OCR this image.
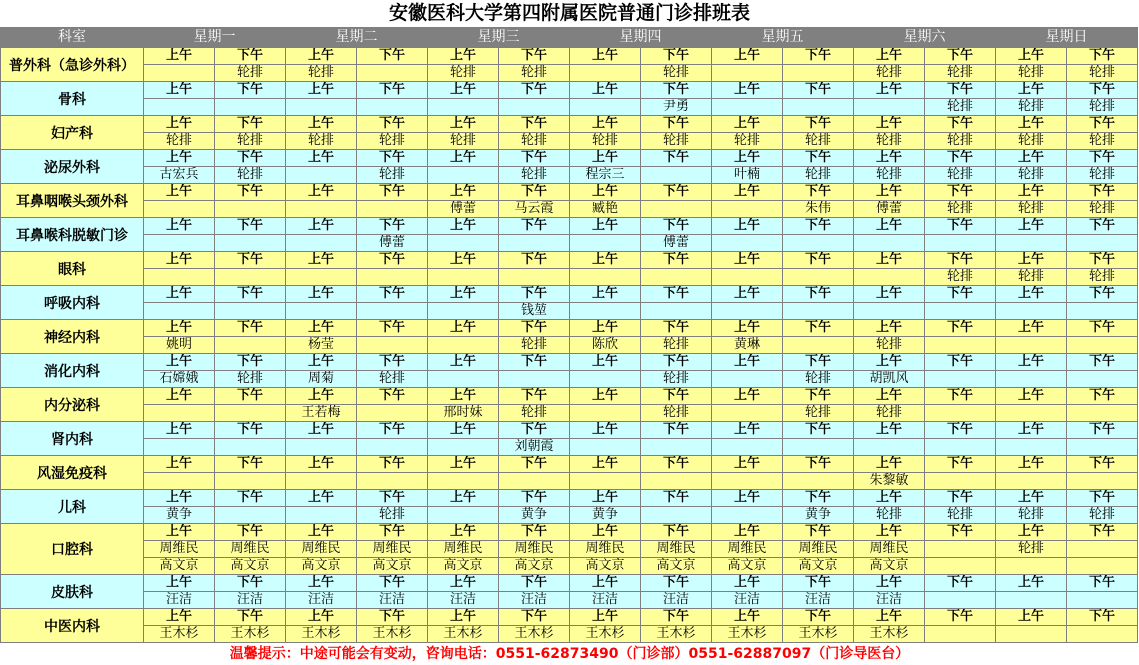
安徽医科大学第四附属医院普通门诊排班表
科室	星期一		星期二		星期三		星期四		星期五		星期六		星期日	
普外科（急诊外科）	上午	下午	上午	下午	上午	下午	上午	下午	上午	下午	上午	下午	上午	下午
		轮排	轮排		轮排	轮排		轮排			轮排	轮排	轮排	轮排
骨科	上午	下午	上午	下午	上午	下午	上午	下午	上午	下午	上午	下午	上午	下午
								尹勇				轮排	轮排	轮排
妇产科	上午	下午	上午	下午	上午	下午	上午	下午	上午	下午	上午	下午	上午	下午
	轮排	轮排	轮排	轮排	轮排	轮排	轮排	轮排	轮排	轮排	轮排	轮排	轮排	轮排
泌尿外科	上午	下午	上午	下午	上午	下午	上午	下午	上午	下午	上午	下午	上午	下午
	古宏兵	轮排		轮排		轮排	程宗三		叶楠	轮排	轮排	轮排	轮排	轮排
耳鼻咽喉头颈外科	上午	下午	上午	下午	上午	下午	上午	下午	上午	下午	上午	下午	上午	下午
					傅蕾	马云霞	臧艳			朱伟	傅蕾	轮排	轮排	轮排
耳鼻喉科脱敏门诊	上午	下午	上午	下午	上午	下午	上午	下午	上午	下午	上午	下午	上午	下午
				傅蕾				傅蕾						
眼科	上午	下午	上午	下午	上午	下午	上午	下午	上午	下午	上午	下午	上午	下午
												轮排	轮排	轮排
呼吸内科	上午	下午	上午	下午	上午	下午	上午	下午	上午	下午	上午	下午	上午	下午
						钱堃								
神经内科	上午	下午	上午	下午	上午	下午	上午	下午	上午	下午	上午	下午	上午	下午
	姚明		杨莹			轮排	陈欣	轮排	黄琳		轮排			
消化内科	上午	下午	上午	下午	上午	下午	上午	下午	上午	下午	上午	下午	上午	下午
	石嫦娥	轮排	周菊	轮排				轮排		轮排	胡凯风			
内分泌科	上午	下午	上午	下午	上午	下午	上午	下午	上午	下午	上午	下午	上午	下午
			王若梅		邢时妹	轮排		轮排		轮排	轮排			
肾内科	上午	下午	上午	下午	上午	下午	上午	下午	上午	下午	上午	下午	上午	下午
						刘朝霞								
风湿免疫科	上午	下午	上午	下午	上午	下午	上午	下午	上午	下午	上午	下午	上午	下午
											朱黎敏			
儿科	上午	下午	上午	下午	上午	下午	上午	下午	上午	下午	上午	下午	上午	下午
	黄争			轮排		黄争	黄争			黄争	轮排	轮排	轮排	轮排
口腔科	上午	下午	上午	下午	上午	下午	上午	下午	上午	下午	上午	下午	上午	下午
	周维民	周维民	周维民	周维民	周维民	周维民	周维民	周维民	周维民	周维民	周维民		轮排	
	高文京	高文京	高文京	高文京	高文京	高文京	高文京	高文京	高文京	高文京	高文京			
皮肤科	上午	下午	上午	下午	上午	下午	上午	下午	上午	下午	上午	下午	上午	下午
	汪洁	汪洁	汪洁	汪洁	汪洁	汪洁	汪洁	汪洁	汪洁	汪洁	汪洁			
中医内科	上午	下午	上午	下午	上午	下午	上午	下午	上午	下午	上午	下午	上午	下午
	王木杉	王木杉	王木杉	王木杉	王木杉	王木杉	王木杉	王木杉	王木杉	王木杉	王木杉			
温馨提示：中途可能会有变动，咨询电话：0551-62873490（门诊部）0551-62887097（门诊导医台）
